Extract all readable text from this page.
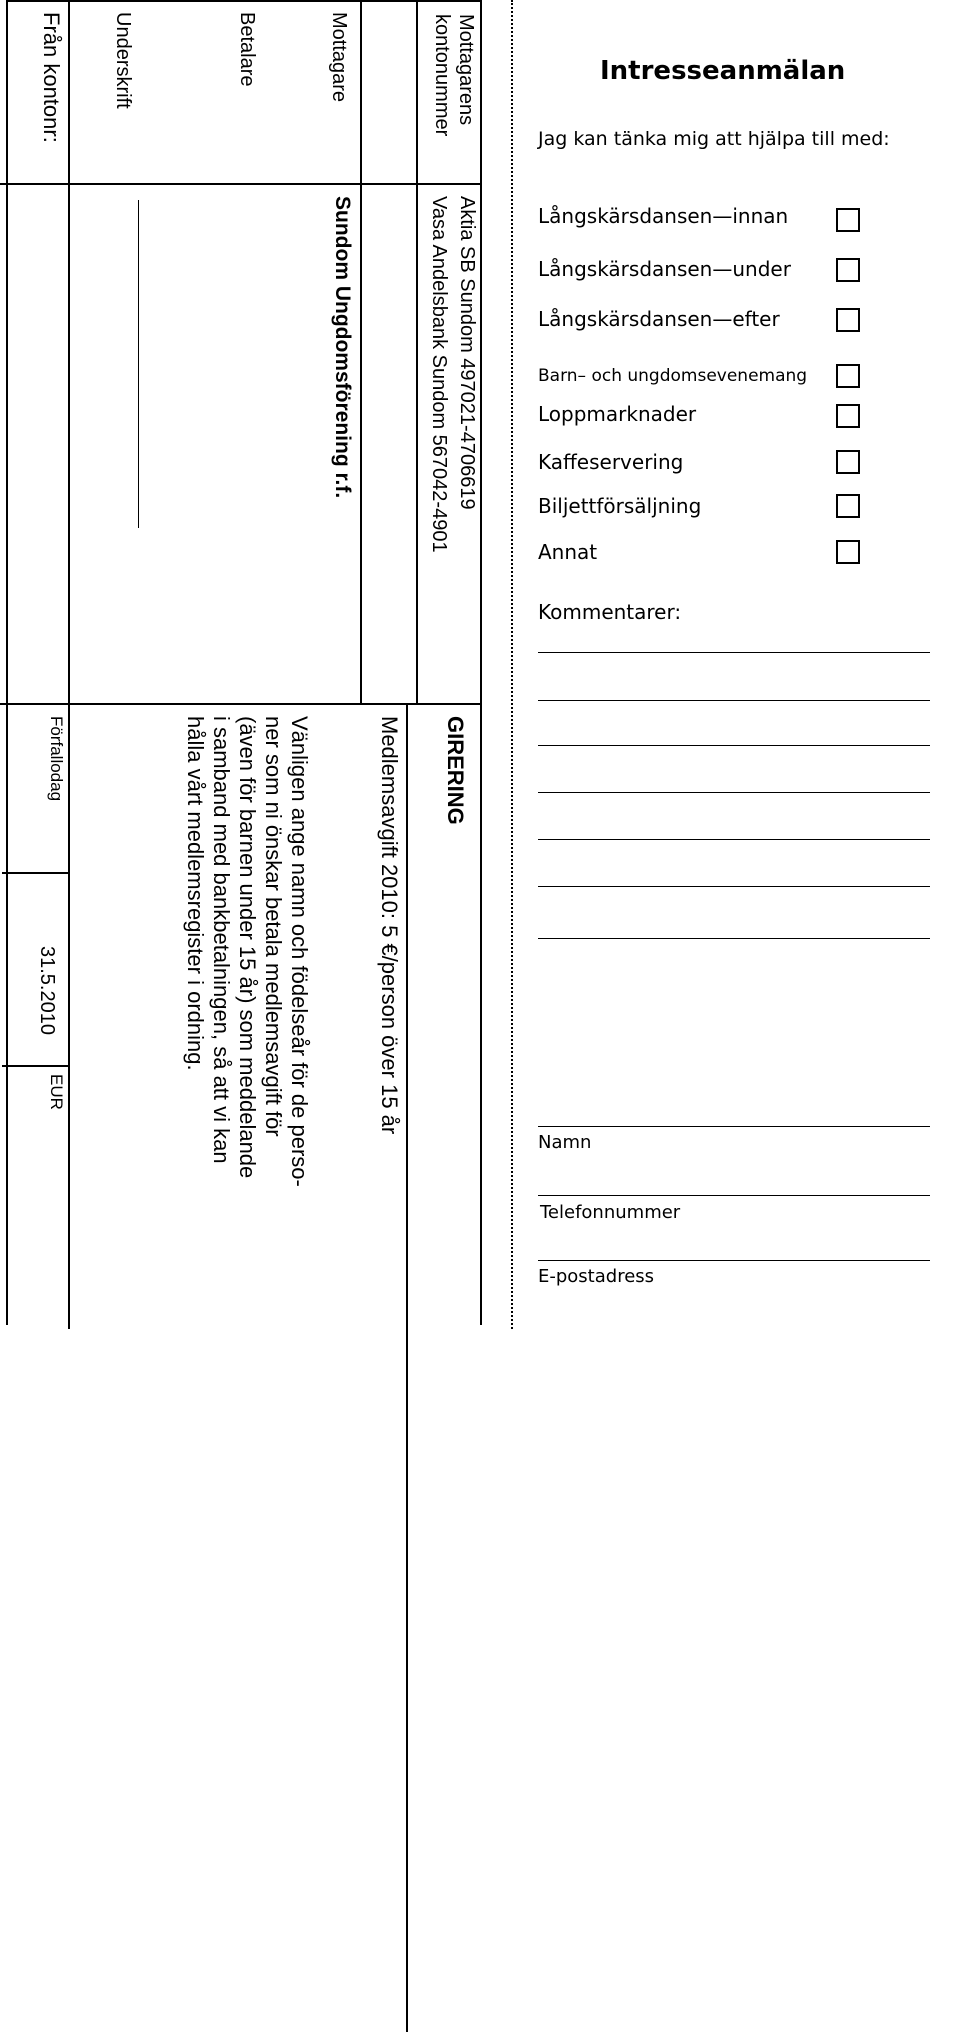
Mottagarens
kontonummer
Mottagare
Betalare
Underskrift
Från kontonr:
Aktia SB Sundom 497021-4706619
Vasa Andelsbank Sundom 567042-4901
Sundom Ungdomsförening r.f.
GIRERING
Medlemsavgift 2010: 5 €/person över 15 år
Vänligen ange namn och födelseår för de perso-
ner som ni önskar betala medlemsavgift för
(även för barnen under 15 år) som meddelande
i samband med bankbetalningen, så att vi kan
hålla vårt medlemsregister i ordning.
Förfallodag
31.5.2010
EUR
Intresseanmälan
Jag kan tänka mig att hjälpa till med:
Långskärsdansen—innan
Långskärsdansen—under
Långskärsdansen—efter
Barn– och ungdomsevenemang
Loppmarknader
Kaffeservering
Biljettförsäljning
Annat
Kommentarer:
Namn
Telefonnummer
E-postadress
